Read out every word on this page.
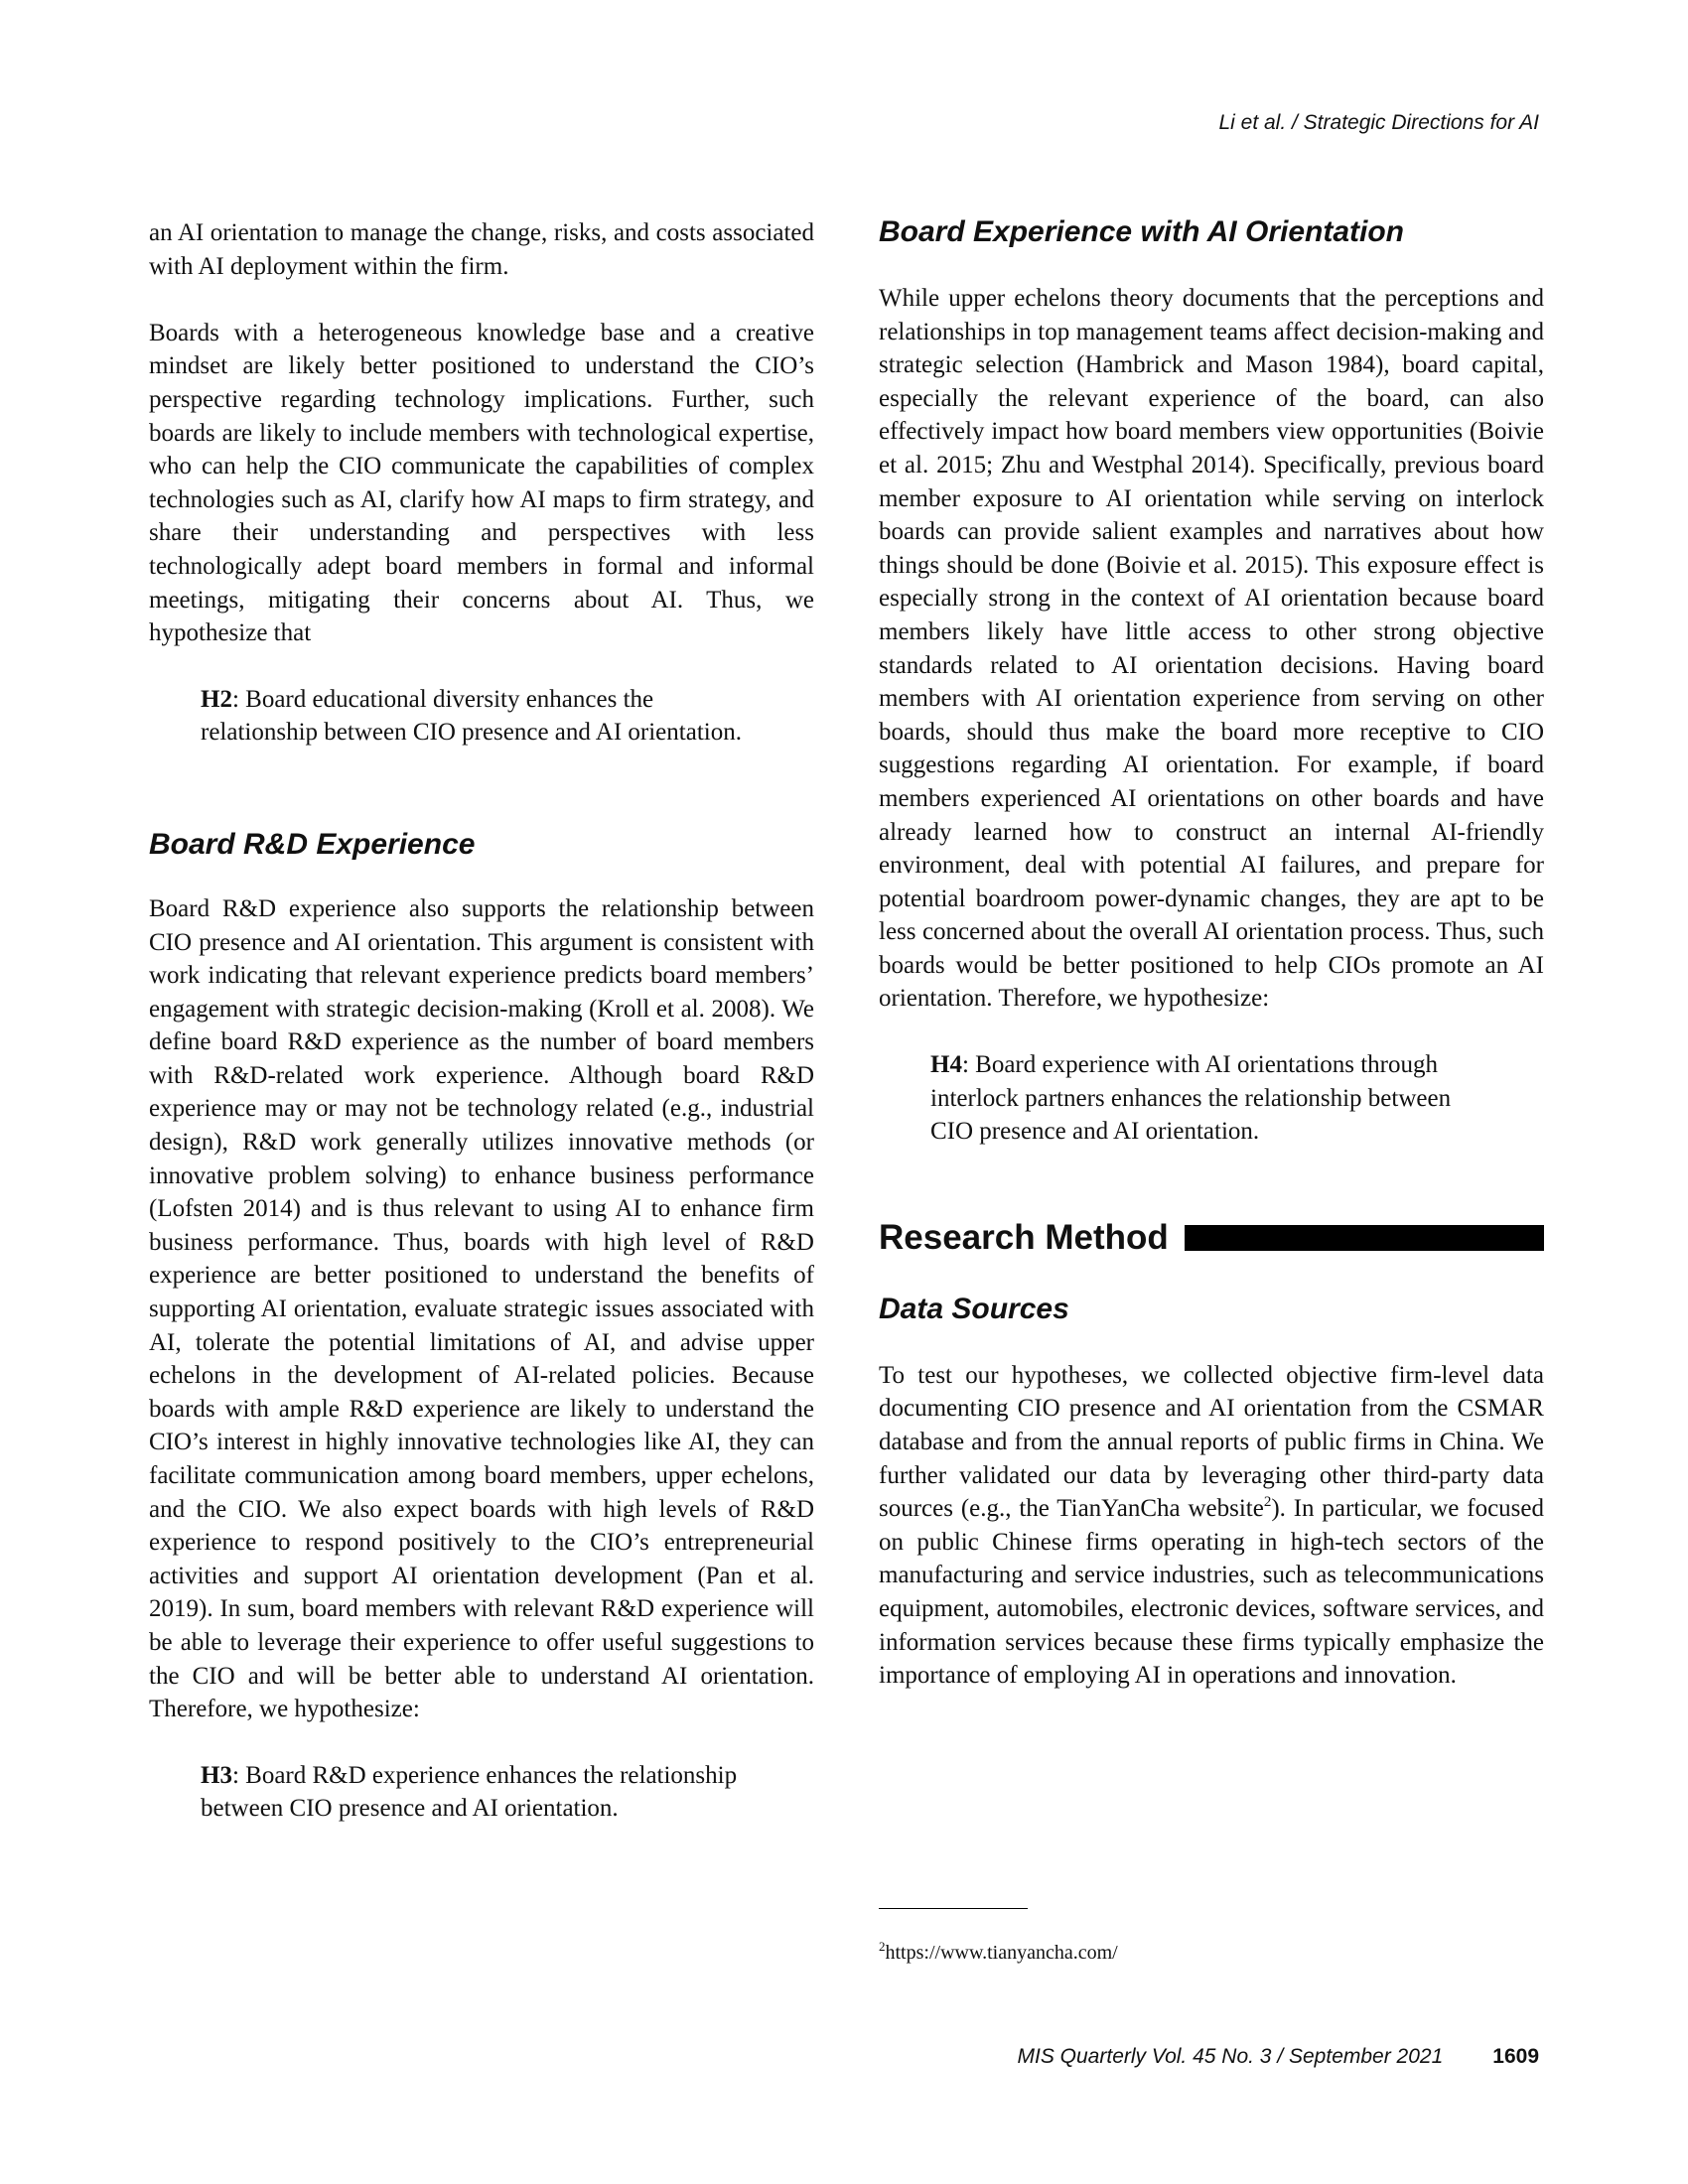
Li et al. / Strategic Directions for AI

an AI orientation to manage the change, risks, and costs associated with AI deployment within the firm.

Boards with a heterogeneous knowledge base and a creative mindset are likely better positioned to understand the CIO’s perspective regarding technology implications. Further, such boards are likely to include members with technological expertise, who can help the CIO communicate the capabilities of complex technologies such as AI, clarify how AI maps to firm strategy, and share their understanding and perspectives with less technologically adept board members in formal and informal meetings, mitigating their concerns about AI. Thus, we hypothesize that

H2: Board educational diversity enhances the relationship between CIO presence and AI orientation.
Board R&D Experience

Board R&D experience also supports the relationship between CIO presence and AI orientation. This argument is consistent with work indicating that relevant experience predicts board members’ engagement with strategic decision-making (Kroll et al. 2008). We define board R&D experience as the number of board members with R&D-related work experience. Although board R&D experience may or may not be technology related (e.g., industrial design), R&D work generally utilizes innovative methods (or innovative problem solving) to enhance business performance (Lofsten 2014) and is thus relevant to using AI to enhance firm business performance. Thus, boards with high level of R&D experience are better positioned to understand the benefits of supporting AI orientation, evaluate strategic issues associated with AI, tolerate the potential limitations of AI, and advise upper echelons in the development of AI-related policies. Because boards with ample R&D experience are likely to understand the CIO’s interest in highly innovative technologies like AI, they can facilitate communication among board members, upper echelons, and the CIO. We also expect boards with high levels of R&D experience to respond positively to the CIO’s entrepreneurial activities and support AI orientation development (Pan et al. 2019). In sum, board members with relevant R&D experience will be able to leverage their experience to offer useful suggestions to the CIO and will be better able to understand AI orientation. Therefore, we hypothesize:

H3: Board R&D experience enhances the relationship between CIO presence and AI orientation.
Board Experience with AI Orientation

While upper echelons theory documents that the perceptions and relationships in top management teams affect decision-making and strategic selection (Hambrick and Mason 1984), board capital, especially the relevant experience of the board, can also effectively impact how board members view opportunities (Boivie et al. 2015; Zhu and Westphal 2014). Specifically, previous board member exposure to AI orientation while serving on interlock boards can provide salient examples and narratives about how things should be done (Boivie et al. 2015). This exposure effect is especially strong in the context of AI orientation because board members likely have little access to other strong objective standards related to AI orientation decisions. Having board members with AI orientation experience from serving on other boards, should thus make the board more receptive to CIO suggestions regarding AI orientation. For example, if board members experienced AI orientations on other boards and have already learned how to construct an internal AI-friendly environment, deal with potential AI failures, and prepare for potential boardroom power-dynamic changes, they are apt to be less concerned about the overall AI orientation process. Thus, such boards would be better positioned to help CIOs promote an AI orientation. Therefore, we hypothesize:

H4: Board experience with AI orientations through interlock partners enhances the relationship between CIO presence and AI orientation.
Research Method
Data Sources

To test our hypotheses, we collected objective firm-level data documenting CIO presence and AI orientation from the CSMAR database and from the annual reports of public firms in China. We further validated our data by leveraging other third-party data sources (e.g., the TianYanCha website$^2$). In particular, we focused on public Chinese firms operating in high-tech sectors of the manufacturing and service industries, such as telecommunications equipment, automobiles, electronic devices, software services, and information services because these firms typically emphasize the importance of employing AI in operations and innovation.

$^2$https://www.tianyancha.com/
MIS Quarterly Vol. 45 No. 3 / September 2021 1609
